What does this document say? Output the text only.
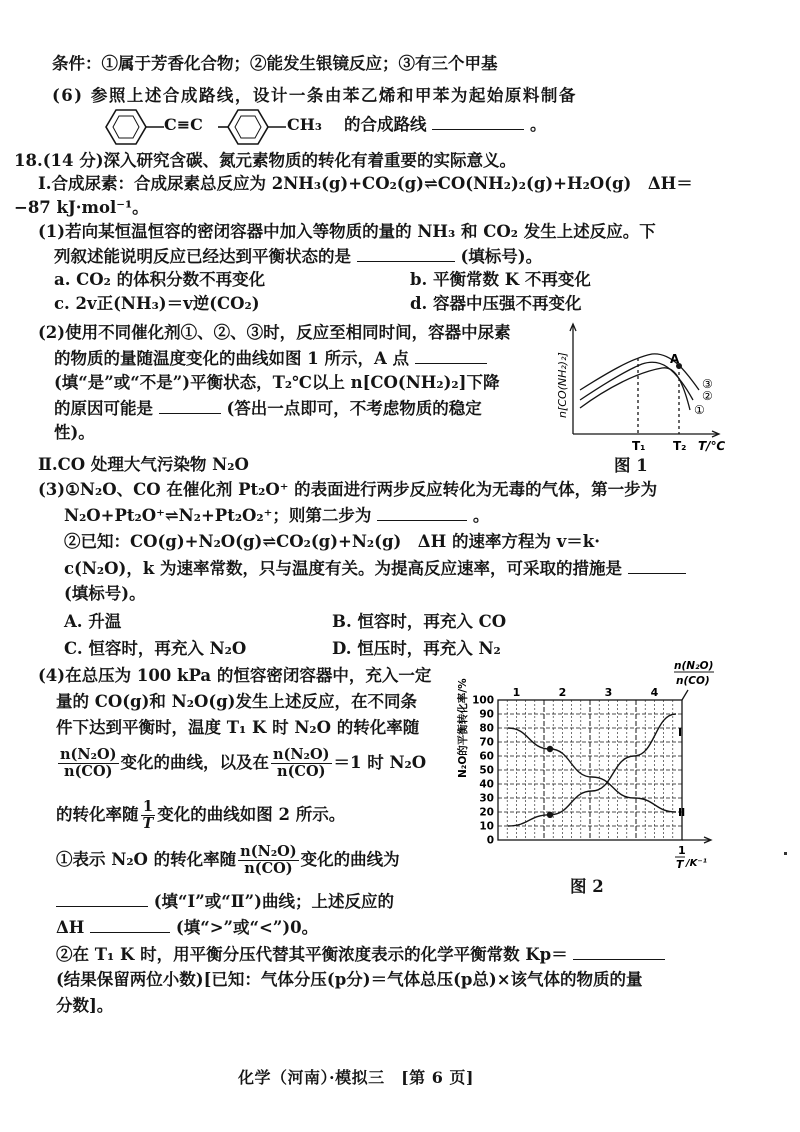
条件：①属于芳香化合物；②能发生银镜反应；③有三个甲基
(6) 参照上述合成路线，设计一条由苯乙烯和甲苯为起始原料制备
C≡C	CH₃ 的合成路线	。
18.(14 分)深入研究含碳、氮元素物质的转化有着重要的实际意义。
Ⅰ.合成尿素：合成尿素总反应为 2NH₃(g)+CO₂(g)⇌CO(NH₂)₂(g)+H₂O(g)　ΔH＝
−87 kJ·mol⁻¹。
(1)若向某恒温恒容的密闭容器中加入等物质的量的 NH₃ 和 CO₂ 发生上述反应。下
列叙述能说明反应已经达到平衡状态的是	(填标号)。
a. CO₂ 的体积分数不再变化	b. 平衡常数 K 不再变化
c. 2v正(NH₃)＝v逆(CO₂)	d. 容器中压强不再变化
(2)使用不同催化剂①、②、③时，反应至相同时间，容器中尿素
的物质的量随温度变化的曲线如图 1 所示，A 点
(填“是”或“不是”)平衡状态，T₂℃以上 n[CO(NH₂)₂]下降
的原因可能是	(答出一点即可，不考虑物质的稳定
性)。
A
③
②
①
T₁ T₂ T/℃
n[CO(NH₂)₂]
图 1
Ⅱ.CO 处理大气污染物 N₂O
(3)①N₂O、CO 在催化剂 Pt₂O⁺ 的表面进行两步反应转化为无毒的气体，第一步为
N₂O+Pt₂O⁺⇌N₂+Pt₂O₂⁺；则第二步为	。
②已知：CO(g)+N₂O(g)⇌CO₂(g)+N₂(g)　ΔH 的速率方程为 v＝k·
c(N₂O)，k 为速率常数，只与温度有关。为提高反应速率，可采取的措施是
(填标号)。
A. 升温	B. 恒容时，再充入 CO
C. 恒容时，再充入 N₂O	D. 恒压时，再充入 N₂
(4)在总压为 100 kPa 的恒容密闭容器中，充入一定
量的 CO(g)和 N₂O(g)发生上述反应，在不同条
件下达到平衡时，温度 T₁ K 时 N₂O 的转化率随
$\frac{\text{n(N₂O)}}{n(CO)}$ 变化的曲线，以及在 $\frac{\text{n(N₂O)}}{n(CO)} =1$ 时 N₂O
的转化率随 $\frac{1}{T}$ 变化的曲线如图 2 所示。
①表示 N₂O 的转化率随 $\frac{\text{n(N₂O)}}{n(CO)}$ 变化的曲线为
(填“Ⅰ”或“Ⅱ”)曲线；上述反应的
ΔH	(填“>”或“<”)0。
②在 T₁ K 时，用平衡分压代替其平衡浓度表示的化学平衡常数 Kp＝
(结果保留两位小数)[已知：气体分压(p分)＝气体总压(p总)×该气体的物质的量
分数]。
100
90
80
70
60
50
40
30
20
10
0
1	2	3	4
Ⅰ
Ⅱ
N₂O的平衡转化率/%
n(N₂O)
n(CO)
1
T /K⁻¹
图 2
化学（河南）·模拟三　[第 6 页]
